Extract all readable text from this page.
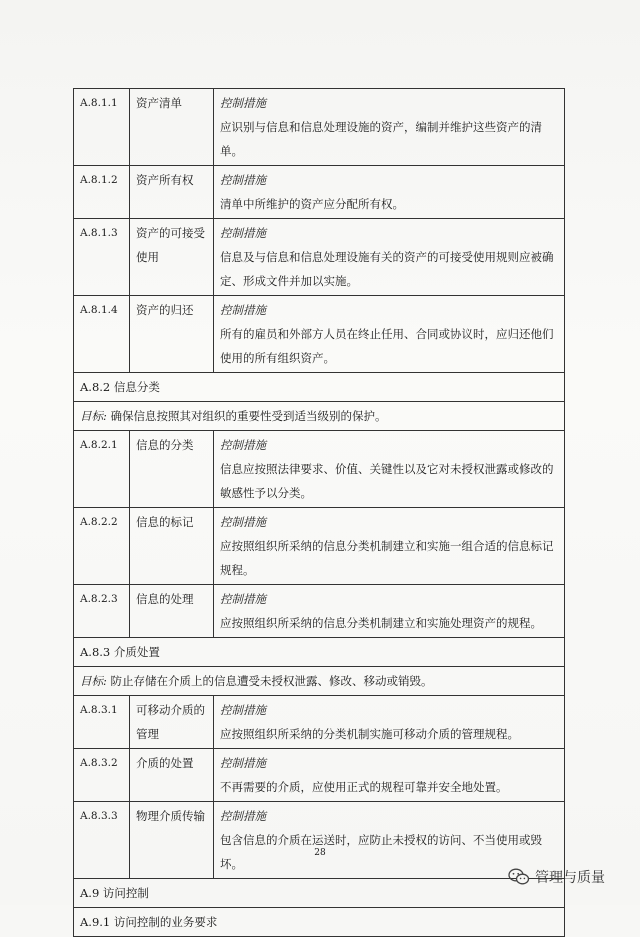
A.8.1.1	资产清单	控制措施
应识别与信息和信息处理设施的资产，编制并维护这些资产的清单。

A.8.1.2	资产所有权	控制措施
清单中所维护的资产应分配所有权。

A.8.1.3	资产的可接受使用	控制措施
信息及与信息和信息处理设施有关的资产的可接受使用规则应被确定、形成文件并加以实施。

A.8.1.4	资产的归还	控制措施
所有的雇员和外部方人员在终止任用、合同或协议时，应归还他们使用的所有组织资产。

A.8.2 信息分类		
目标: 确保信息按照其对组织的重要性受到适当级别的保护。		
A.8.2.1	信息的分类	控制措施
信息应按照法律要求、价值、关键性以及它对未授权泄露或修改的敏感性予以分类。

A.8.2.2	信息的标记	控制措施
应按照组织所采纳的信息分类机制建立和实施一组合适的信息标记规程。

A.8.2.3	信息的处理	控制措施
应按照组织所采纳的信息分类机制建立和实施处理资产的规程。

A.8.3 介质处置		
目标: 防止存储在介质上的信息遭受未授权泄露、修改、移动或销毁。		
A.8.3.1	可移动介质的管理	控制措施
应按照组织所采纳的分类机制实施可移动介质的管理规程。

A.8.3.2	介质的处置	控制措施
不再需要的介质，应使用正式的规程可靠并安全地处置。

A.8.3.3	物理介质传输	控制措施
包含信息的介质在运送时，应防止未授权的访问、不当使用或毁坏。

A.9 访问控制		
A.9.1 访问控制的业务要求		
28
管理与质量
